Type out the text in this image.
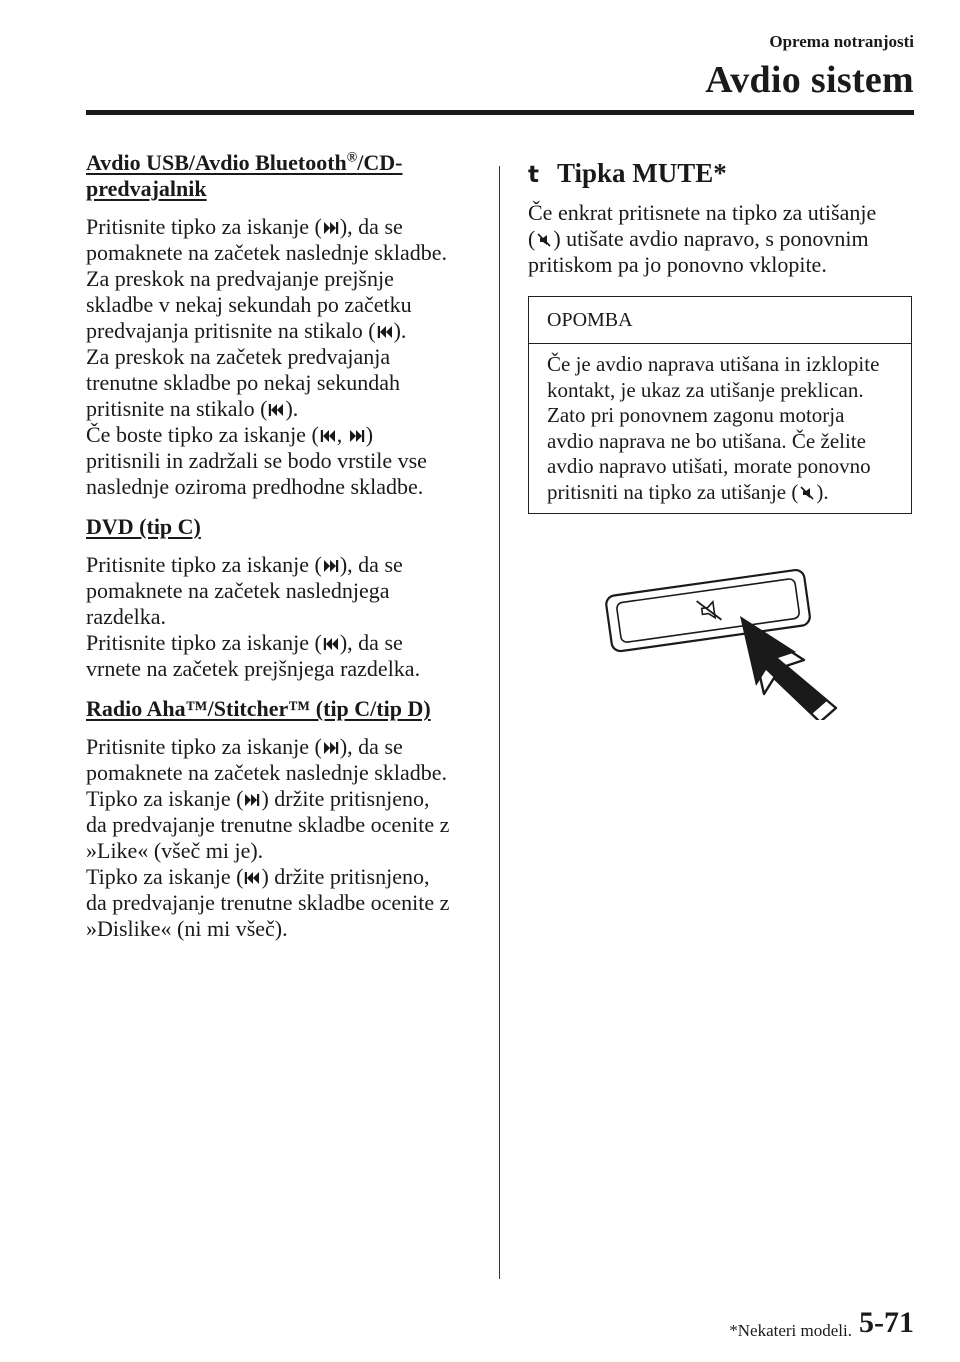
Oprema notranjosti
Avdio sistem
Avdio USB/Avdio Bluetooth®/CD-
predvajalnik

Pritisnite tipko za iskanje ( ), da se
pomaknete na začetek naslednje skladbe.
Za preskok na predvajanje prejšnje
skladbe v nekaj sekundah po začetku
predvajanja pritisnite na stikalo ( ).
Za preskok na začetek predvajanja
trenutne skladbe po nekaj sekundah
pritisnite na stikalo ( ).
Če boste tipko za iskanje ( ,
)
pritisnili in zadržali se bodo vrstile vse
naslednje oziroma predhodne skladbe.

DVD (tip C)

Pritisnite tipko za iskanje ( ), da se
pomaknete na začetek naslednjega
razdelka.
Pritisnite tipko za iskanje ( ), da se
vrnete na začetek prejšnjega razdelka.

Radio Aha™/Stitcher™ (tip C/tip D)

Pritisnite tipko za iskanje ( ), da se
pomaknete na začetek naslednje skladbe.
Tipko za iskanje ( ) držite pritisnjeno,
da predvajanje trenutne skladbe ocenite z
»Like« (všeč mi je).
Tipko za iskanje ( ) držite pritisnjeno,
da predvajanje trenutne skladbe ocenite z
»Dislike« (ni mi všeč).

t Tipka MUTE*

Če enkrat pritisnete na tipko za utišanje
( ) utišate avdio napravo, s ponovnim
pritiskom pa jo ponovno vklopite.

OPOMBA
Če je avdio naprava utišana in izklopite
kontakt, je ukaz za utišanje preklican.
Zato pri ponovnem zagonu motorja
avdio naprava ne bo utišana. Če želite
avdio napravo utišati, morate ponovno
pritisniti na tipko za utišanje ( ).
*Nekateri modeli. 5-71
